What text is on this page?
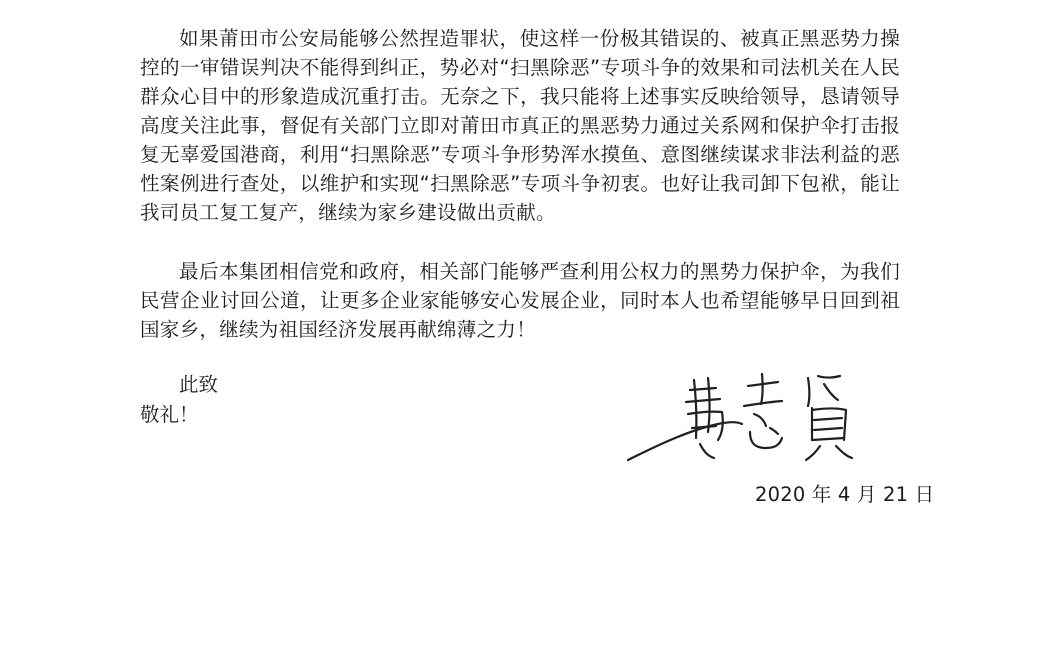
如果莆田市公安局能够公然捏造罪状，使这样一份极其错误的、被真正黑恶势力操控的一审错误判决不能得到纠正，势必对“扫黑除恶”专项斗争的效果和司法机关在人民群众心目中的形象造成沉重打击。无奈之下，我只能将上述事实反映给领导，恳请领导高度关注此事，督促有关部门立即对莆田市真正的黑恶势力通过关系网和保护伞打击报复无辜爱国港商，利用“扫黑除恶”专项斗争形势浑水摸鱼、意图继续谋求非法利益的恶性案例进行查处，以维护和实现“扫黑除恶”专项斗争初衷。也好让我司卸下包袱，能让我司员工复工复产，继续为家乡建设做出贡献。

最后本集团相信党和政府，相关部门能够严查利用公权力的黑势力保护伞，为我们民营企业讨回公道，让更多企业家能够安心发展企业，同时本人也希望能够早日回到祖国家乡，继续为祖国经济发展再献绵薄之力！

此致
敬礼！
2020 年 4 月 21 日
